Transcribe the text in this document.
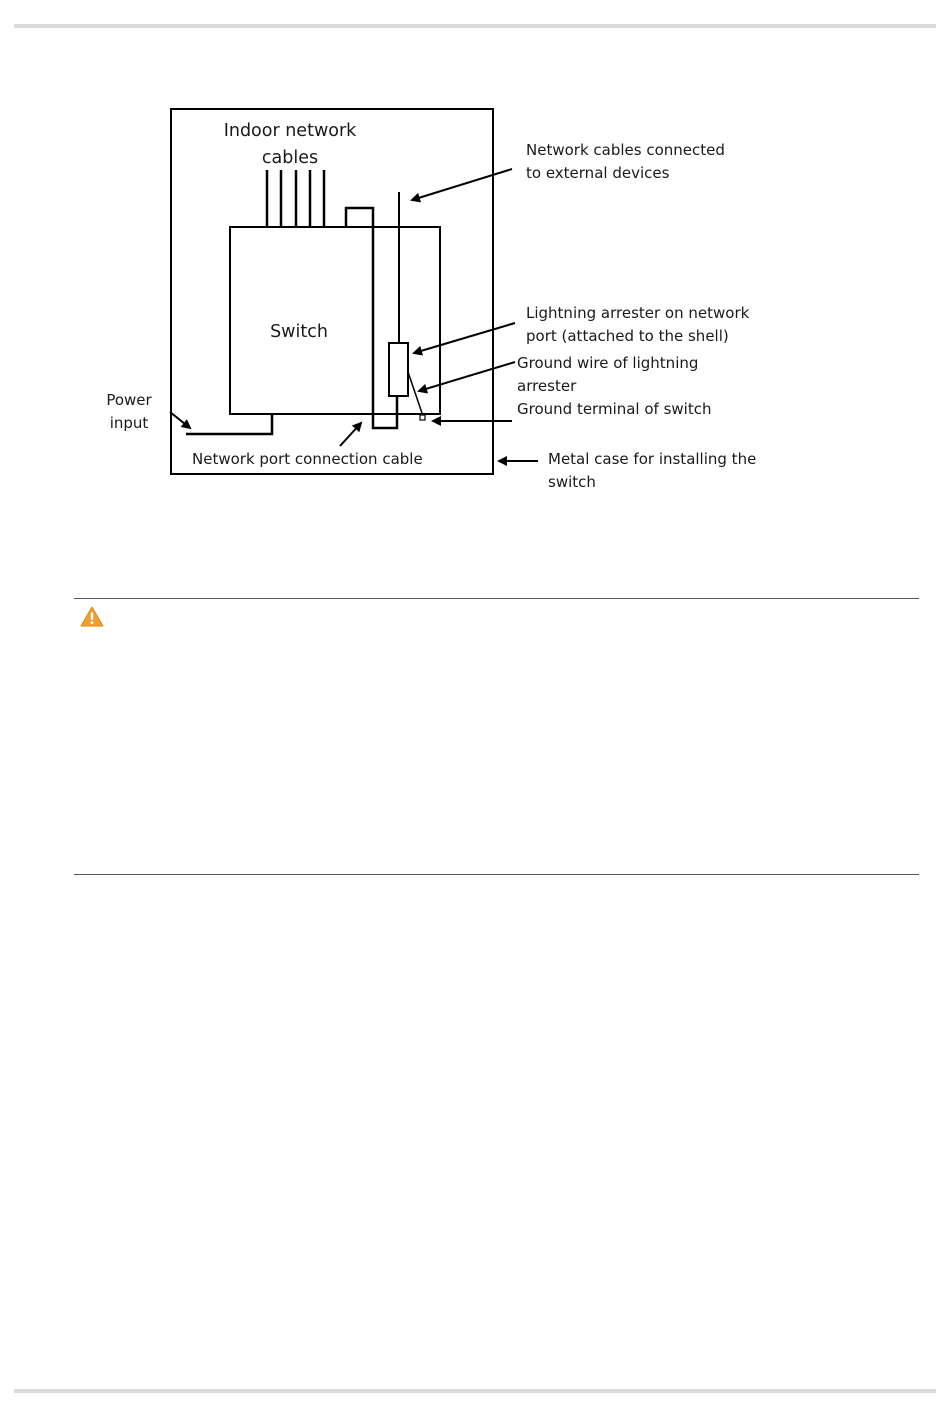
Indoor network
cables
Switch
Network cables connected
to external devices
Lightning arrester on network
port (attached to the shell)
Ground wire of lightning
arrester
Ground terminal of switch
Power
input
Network port connection cable	Metal case for installing the
switch
